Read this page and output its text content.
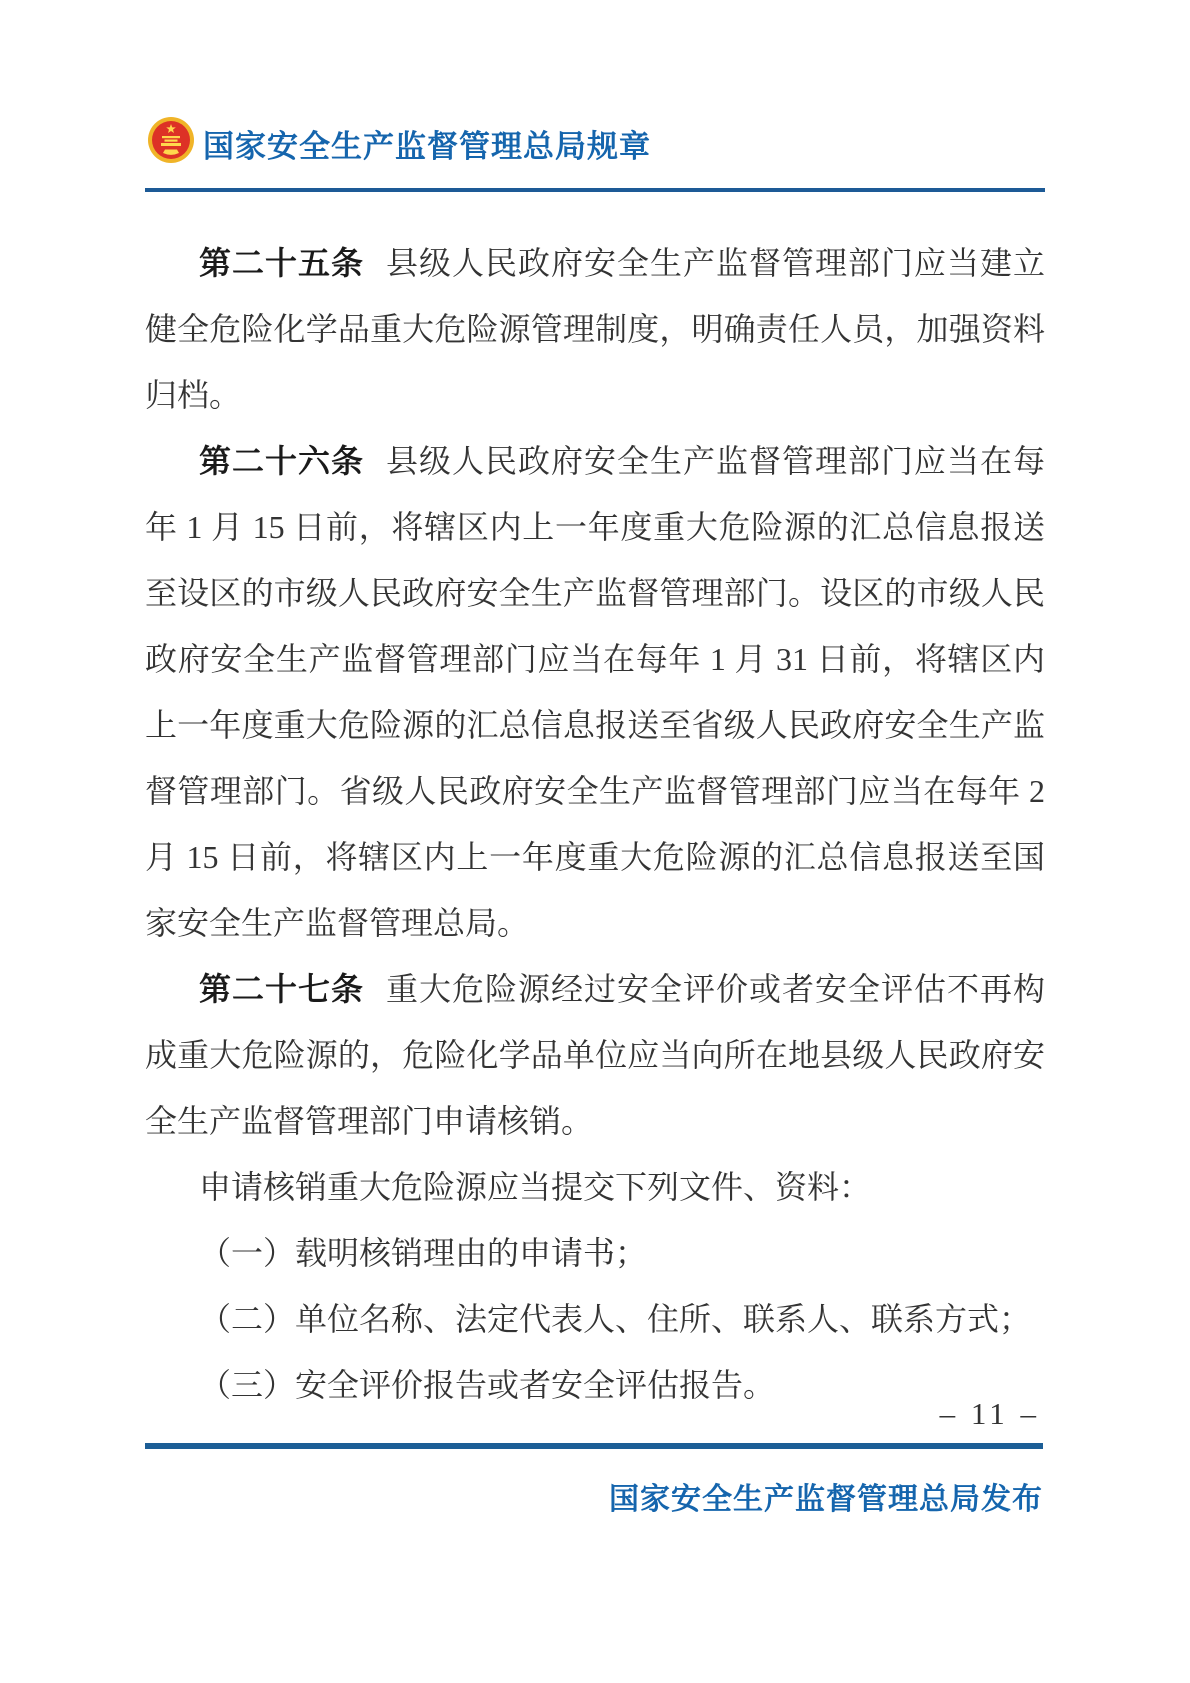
国家安全生产监督管理总局规章

第二十五条 县级人民政府安全生产监督管理部门应当建立健全危险化学品重大危险源管理制度，明确责任人员，加强资料归档。

第二十六条 县级人民政府安全生产监督管理部门应当在每年 1 月 15 日前，将辖区内上一年度重大危险源的汇总信息报送至设区的市级人民政府安全生产监督管理部门。设区的市级人民政府安全生产监督管理部门应当在每年 1 月 31 日前，将辖区内上一年度重大危险源的汇总信息报送至省级人民政府安全生产监督管理部门。省级人民政府安全生产监督管理部门应当在每年 2 月 15 日前，将辖区内上一年度重大危险源的汇总信息报送至国家安全生产监督管理总局。

第二十七条 重大危险源经过安全评价或者安全评估不再构成重大危险源的，危险化学品单位应当向所在地县级人民政府安全生产监督管理部门申请核销。

申请核销重大危险源应当提交下列文件、资料：

（一）载明核销理由的申请书；

（二）单位名称、法定代表人、住所、联系人、联系方式；

（三）安全评价报告或者安全评估报告。

– 11 –
国家安全生产监督管理总局发布
